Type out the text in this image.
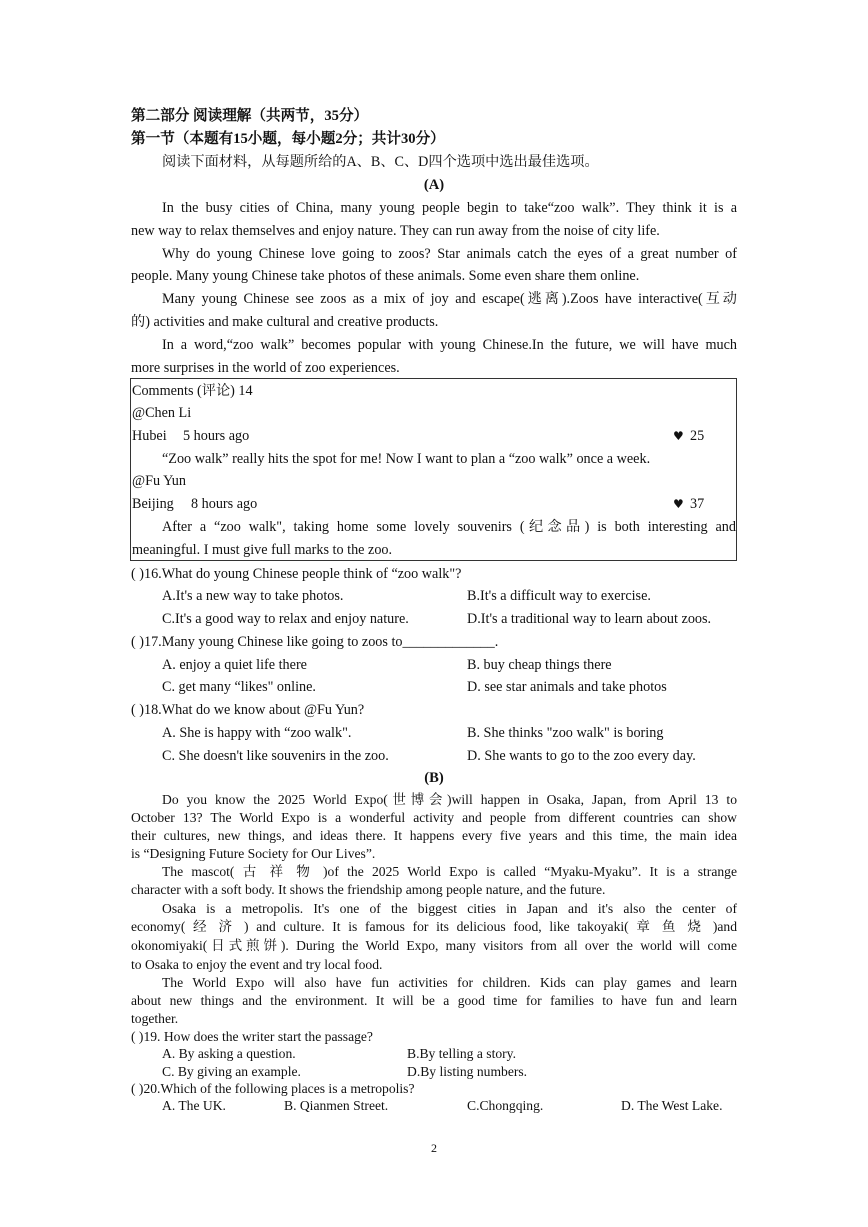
第二部分 阅读理解（共两节，35分）
第一节（本题有15小题，每小题2分；共计30分）
阅读下面材料，从每题所给的A、B、C、D四个选项中选出最佳选项。
(A)
In the busy cities of China, many young people begin to take“zoo walk”. They think it is a
new way to relax themselves and enjoy nature. They can run away from the noise of city life.
Why do young Chinese love going to zoos? Star animals catch the eyes of a great number of
people. Many young Chinese take photos of these animals. Some even share them online.
Many young Chinese see zoos as a mix of joy and escape(逃离).Zoos have interactive(互动
的) activities and make cultural and creative products.
In a word,“zoo walk” becomes popular with young Chinese.In the future, we will have much
more surprises in the world of zoo experiences.
Comments (评论) 14
@Chen Li
Hubei 5 hours ago	♥ 25
“Zoo walk” really hits the spot for me! Now I want to plan a “zoo walk” once a week.
@Fu Yun
Beijing 8 hours ago	♥ 37
After a “zoo walk", taking home some lovely souvenirs (纪念品) is both interesting and
meaningful. I must give full marks to the zoo.
( )16.What do young Chinese people think of “zoo walk"?
A.It's a new way to take photos.	B.It's a difficult way to exercise.
C.It's a good way to relax and enjoy nature.	D.It's a traditional way to learn about zoos.
( )17.Many young Chinese like going to zoos to_____________.
A. enjoy a quiet life there	B. buy cheap things there
C. get many “likes" online.	D. see star animals and take photos
( )18.What do we know about @Fu Yun?
A. She is happy with “zoo walk".	B. She thinks "zoo walk" is boring
C. She doesn't like souvenirs in the zoo.	D. She wants to go to the zoo every day.
(B)
Do you know the 2025 World Expo(世博会)will happen in Osaka, Japan, from April 13 to
October 13? The World Expo is a wonderful activity and people from different countries can show
their cultures, new things, and ideas there. It happens every five years and this time, the main idea
is “Designing Future Society for Our Lives”.
The mascot( 古 祥 物 )of the 2025 World Expo is called “Myaku-Myaku”. It is a strange
character with a soft body. It shows the friendship among people nature, and the future.
Osaka is a metropolis. It's one of the biggest cities in Japan and it's also the center of
economy( 经 济 ) and culture. It is famous for its delicious food, like takoyaki( 章 鱼 烧 )and
okonomiyaki(日式煎饼). During the World Expo, many visitors from all over the world will come
to Osaka to enjoy the event and try local food.
The World Expo will also have fun activities for children. Kids can play games and learn
about new things and the environment. It will be a good time for families to have fun and learn
together.
( )19. How does the writer start the passage?
A. By asking a question.	B.By telling a story.
C. By giving an example.	D.By listing numbers.
( )20.Which of the following places is a metropolis?
A. The UK.	B. Qianmen Street.	C.Chongqing.	D. The West Lake.
2
